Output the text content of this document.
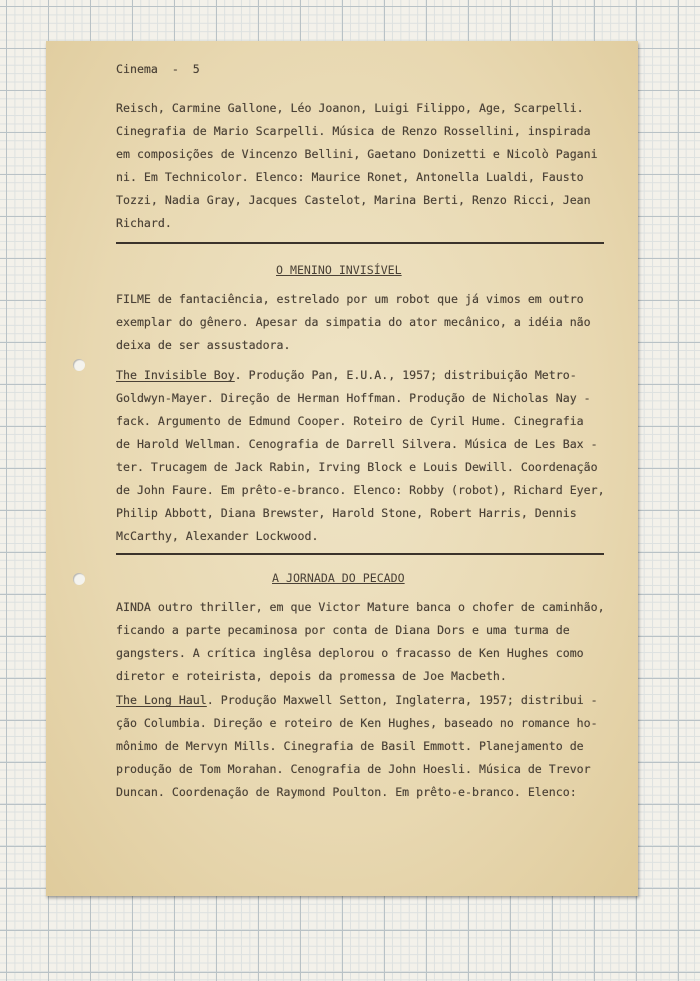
Cinema  -  5
Reisch, Carmine Gallone, Léo Joanon, Luigi Filippo, Age, Scarpelli.
Cinegrafia de Mario Scarpelli. Música de Renzo Rossellini, inspirada
em composições de Vincenzo Bellini, Gaetano Donizetti e Nicolò Pagani
ni. Em Technicolor. Elenco: Maurice Ronet, Antonella Lualdi, Fausto
Tozzi, Nadia Gray, Jacques Castelot, Marina Berti, Renzo Ricci, Jean
Richard.
O MENINO INVISÍVEL
FILME de fantaciência, estrelado por um robot que já vimos em outro
exemplar do gênero. Apesar da simpatia do ator mecânico, a idéia não
deixa de ser assustadora.
The Invisible Boy. Produção Pan, E.U.A., 1957; distribuição Metro-
Goldwyn-Mayer. Direção de Herman Hoffman. Produção de Nicholas Nay -
fack. Argumento de Edmund Cooper. Roteiro de Cyril Hume. Cinegrafia
de Harold Wellman. Cenografia de Darrell Silvera. Música de Les Bax -
ter. Trucagem de Jack Rabin, Irving Block e Louis Dewill. Coordenação
de John Faure. Em prêto-e-branco. Elenco: Robby (robot), Richard Eyer,
Philip Abbott, Diana Brewster, Harold Stone, Robert Harris, Dennis
McCarthy, Alexander Lockwood.
A JORNADA DO PECADO
AINDA outro thriller, em que Victor Mature banca o chofer de caminhão,
ficando a parte pecaminosa por conta de Diana Dors e uma turma de
gangsters. A crítica inglêsa deplorou o fracasso de Ken Hughes como
diretor e roteirista, depois da promessa de Joe Macbeth.
The Long Haul. Produção Maxwell Setton, Inglaterra, 1957; distribui -
ção Columbia. Direção e roteiro de Ken Hughes, baseado no romance ho-
mônimo de Mervyn Mills. Cinegrafia de Basil Emmott. Planejamento de
produção de Tom Morahan. Cenografia de John Hoesli. Música de Trevor
Duncan. Coordenação de Raymond Poulton. Em prêto-e-branco. Elenco:
